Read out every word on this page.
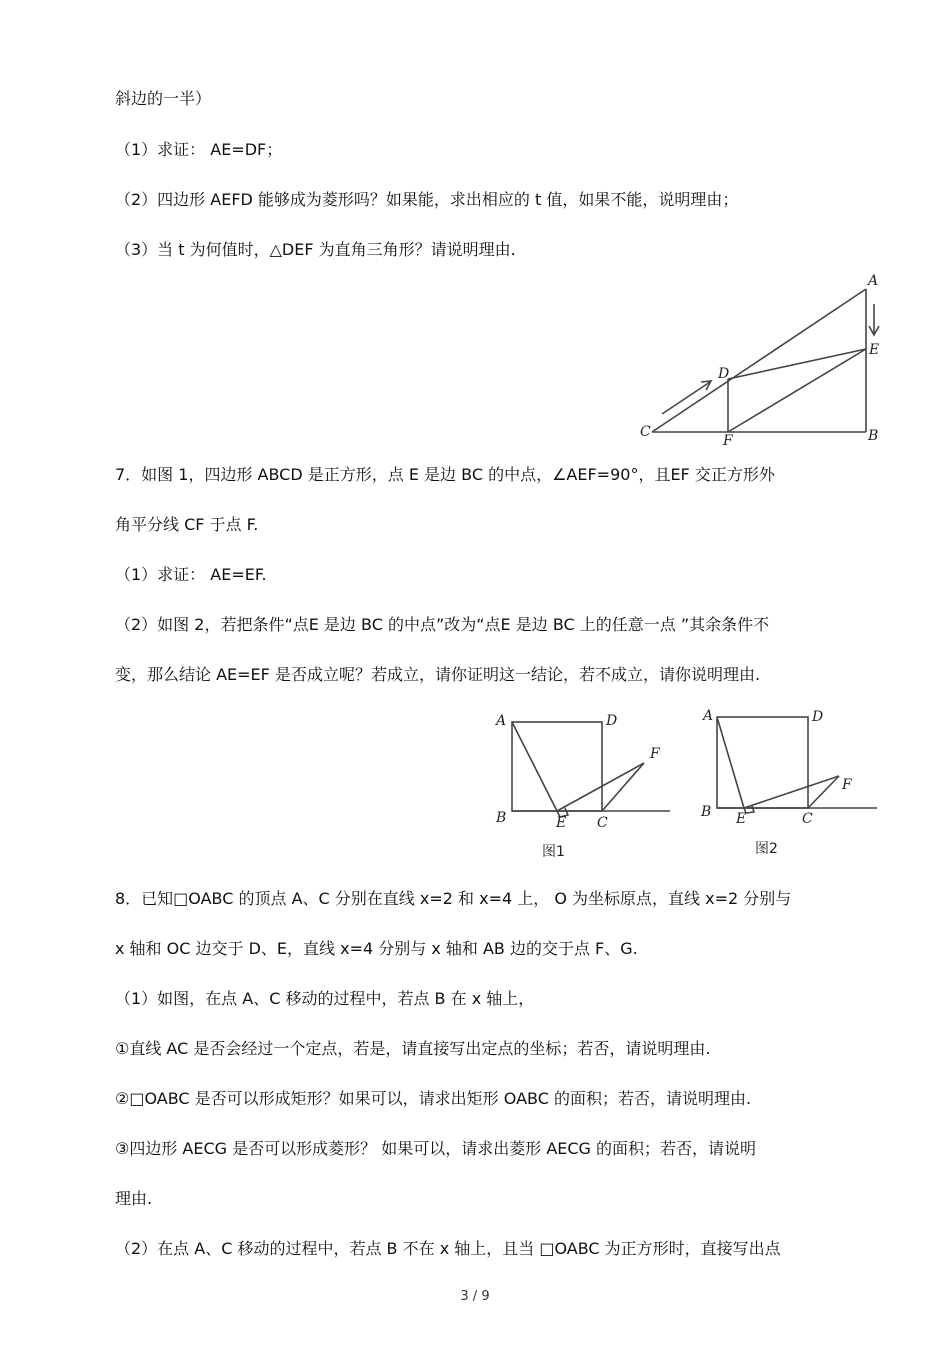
斜边的一半）
（1）求证： AE=DF；
（2）四边形 AEFD 能够成为菱形吗？如果能，求出相应的 t 值，如果不能，说明理由；
（3）当 t 为何值时，△DEF 为直角三角形？请说明理由.
A
E
D
C
F	B
7．如图 1，四边形 ABCD 是正方形，点 E 是边 BC 的中点，∠AEF=90°，且EF 交正方形外
角平分线 CF 于点 F.
（1）求证： AE=EF.
（2）如图 2，若把条件“点E 是边 BC 的中点”改为“点E 是边 BC 上的任意一点 ”其余条件不
变，那么结论 AE=EF 是否成立呢？若成立，请你证明这一结论，若不成立，请你说明理由.
A	D
F
B	E C
图1
A	D
F
B E	C
图2
8．已知□OABC 的顶点 A、C 分别在直线 x=2 和 x=4 上， O 为坐标原点，直线 x=2 分别与
x 轴和 OC 边交于 D、E，直线 x=4 分别与 x 轴和 AB 边的交于点 F、G.
（1）如图，在点 A、C 移动的过程中，若点 B 在 x 轴上，
①直线 AC 是否会经过一个定点，若是，请直接写出定点的坐标；若否，请说明理由.
②□OABC 是否可以形成矩形？如果可以，请求出矩形 OABC 的面积；若否，请说明理由.
③四边形 AECG 是否可以形成菱形？ 如果可以，请求出菱形 AECG 的面积；若否，请说明
理由.
（2）在点 A、C 移动的过程中，若点 B 不在 x 轴上，且当 □OABC 为正方形时，直接写出点
3 / 9
